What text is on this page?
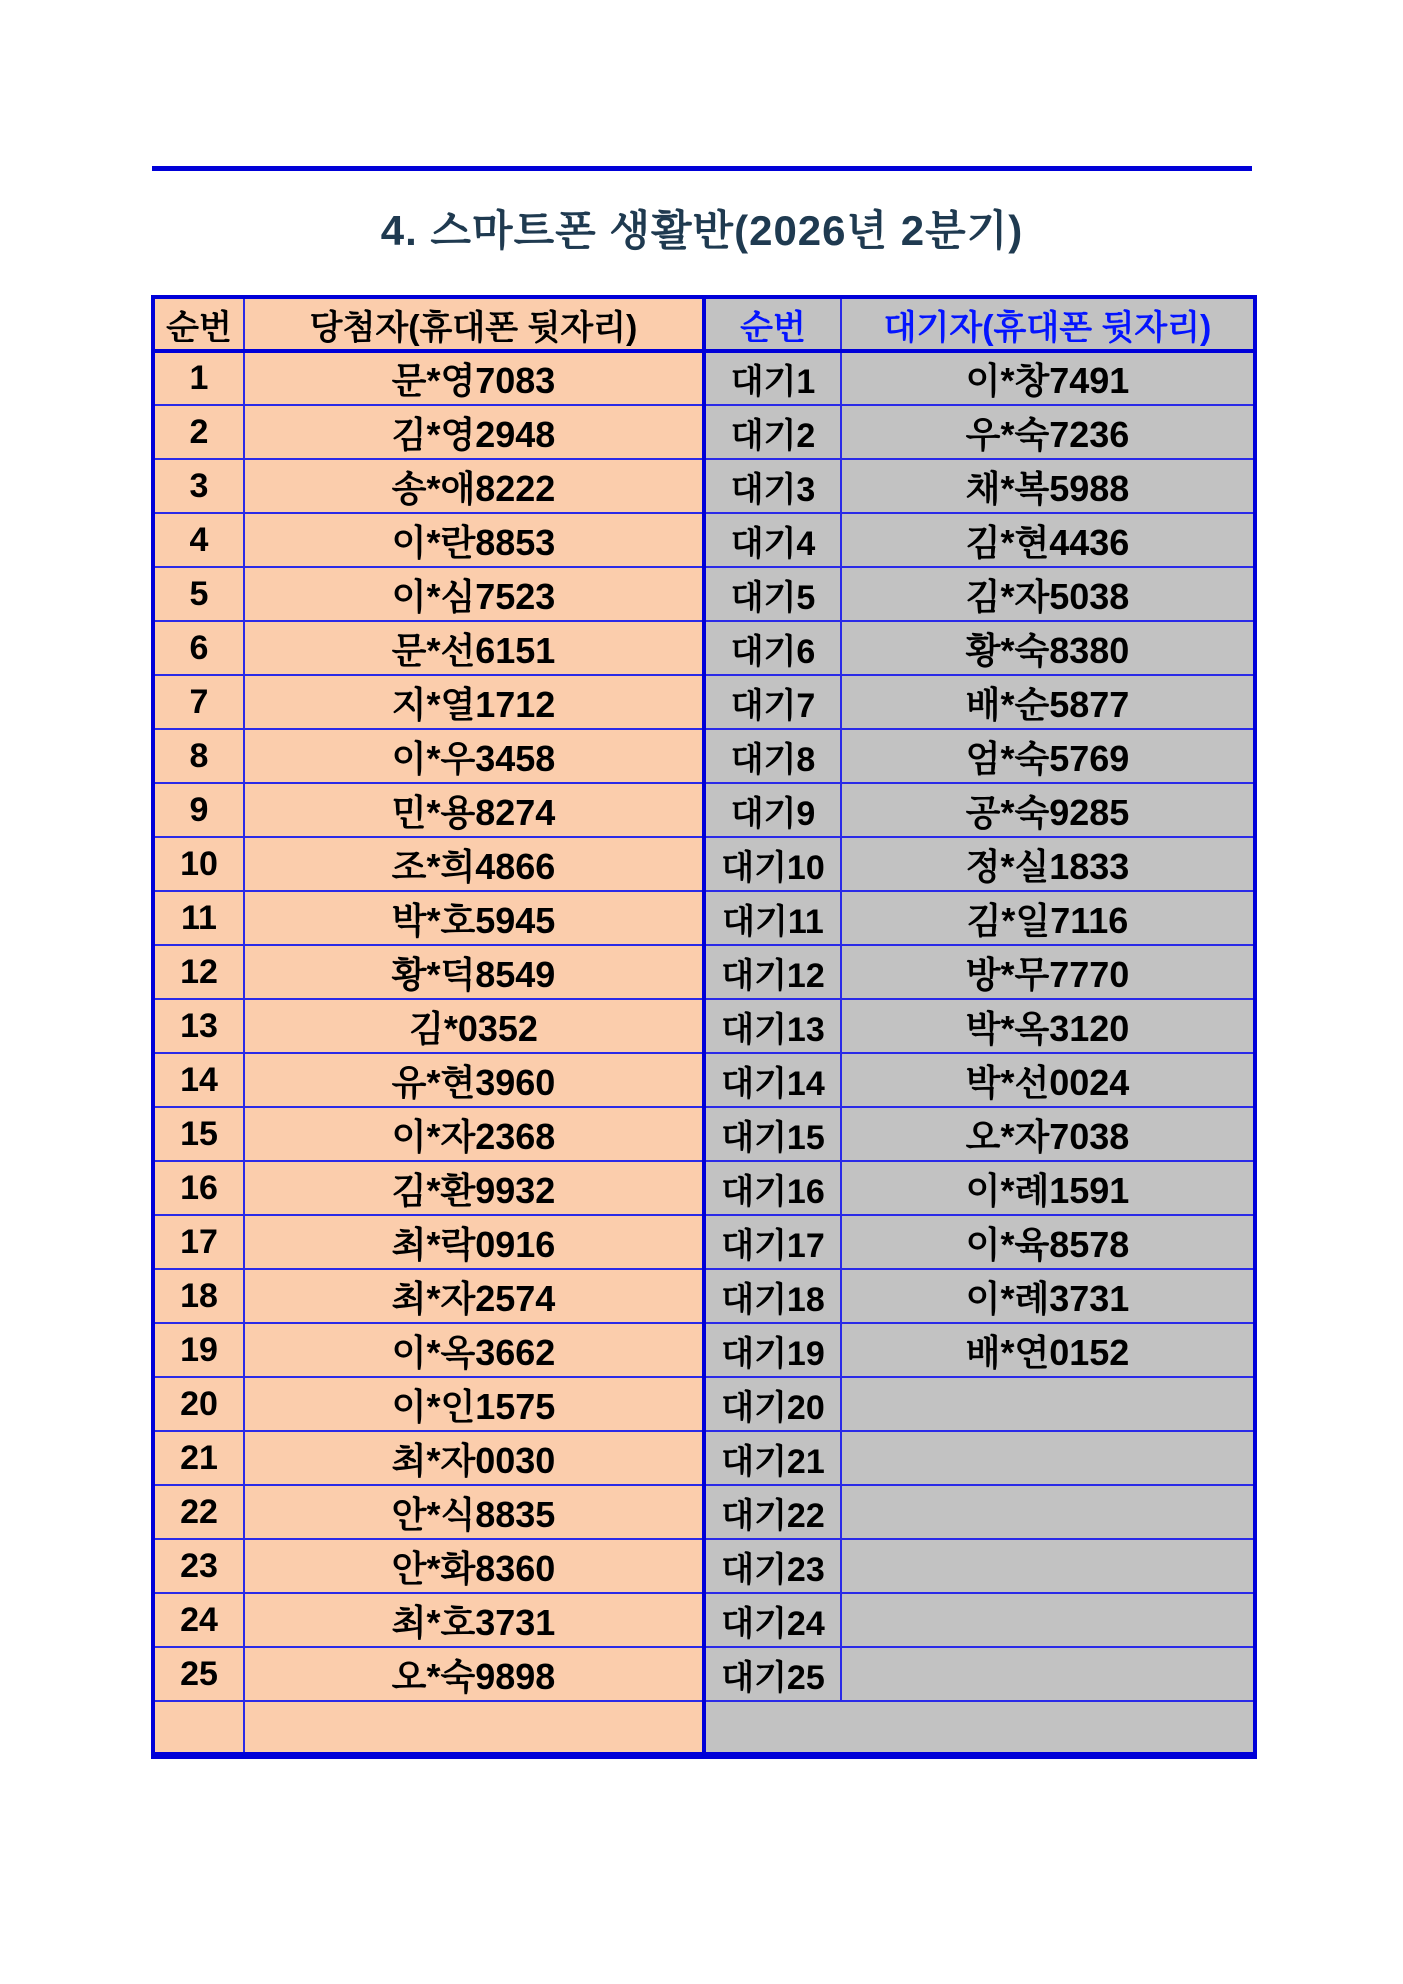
4. 스마트폰 생활반(2026년 2분기)
순번	당첨자(휴대폰 뒷자리)	순번	대기자(휴대폰 뒷자리)
1	문*영7083	대기1	이*창7491
2	김*영2948	대기2	우*숙7236
3	송*애8222	대기3	채*복5988
4	이*란8853	대기4	김*현4436
5	이*심7523	대기5	김*자5038
6	문*선6151	대기6	황*숙8380
7	지*열1712	대기7	배*순5877
8	이*우3458	대기8	엄*숙5769
9	민*용8274	대기9	공*숙9285
10	조*희4866	대기10	정*실1833
11	박*호5945	대기11	김*일7116
12	황*덕8549	대기12	방*무7770
13	김*0352	대기13	박*옥3120
14	유*현3960	대기14	박*선0024
15	이*자2368	대기15	오*자7038
16	김*환9932	대기16	이*례1591
17	최*락0916	대기17	이*육8578
18	최*자2574	대기18	이*례3731
19	이*옥3662	대기19	배*연0152
20	이*인1575	대기20	
21	최*자0030	대기21	
22	안*식8835	대기22	
23	안*화8360	대기23	
24	최*호3731	대기24	
25	오*숙9898	대기25	
